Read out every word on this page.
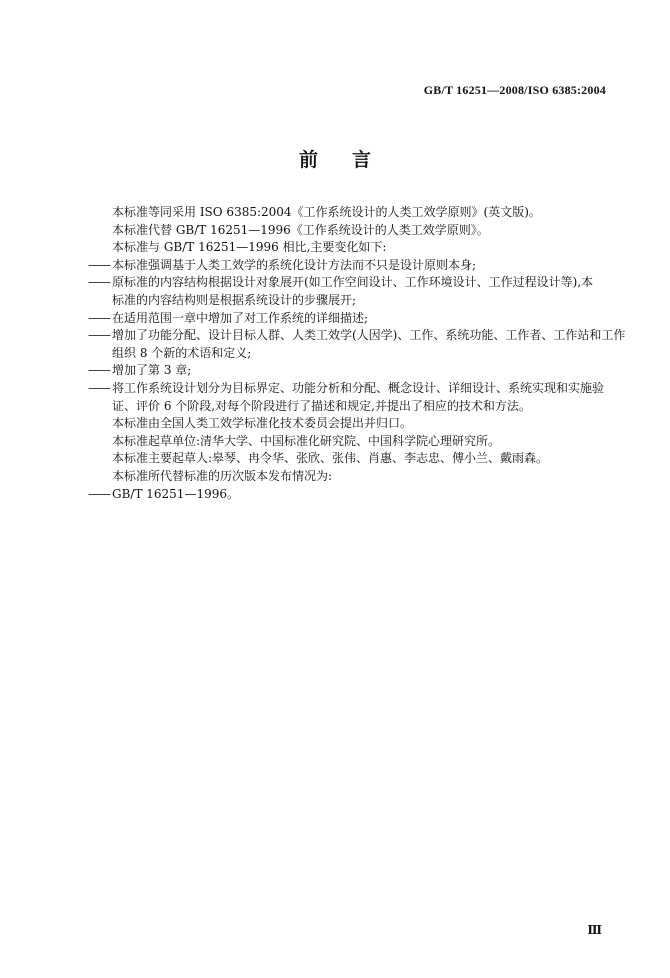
GB/T 16251—2008/ISO 6385:2004
前言
本标准等同采用 ISO 6385:2004《工作系统设计的人类工效学原则》(英文版)。
本标准代替 GB/T 16251—1996《工作系统设计的人类工效学原则》。
本标准与 GB/T 16251—1996 相比,主要变化如下:
—— 本标准强调基于人类工效学的系统化设计方法而不只是设计原则本身;
—— 原标准的内容结构根据设计对象展开(如工作空间设计、工作环境设计、工作过程设计等),本
标准的内容结构则是根据系统设计的步骤展开;
—— 在适用范围一章中增加了对工作系统的详细描述;
—— 增加了功能分配、设计目标人群、人类工效学(人因学)、工作、系统功能、工作者、工作站和工作
组织 8 个新的术语和定义;
—— 增加了第 3 章;
—— 将工作系统设计划分为目标界定、功能分析和分配、概念设计、详细设计、系统实现和实施验
证、评价 6 个阶段,对每个阶段进行了描述和规定,并提出了相应的技术和方法。
本标准由全国人类工效学标准化技术委员会提出并归口。
本标准起草单位:清华大学、中国标准化研究院、中国科学院心理研究所。
本标准主要起草人:皋琴、冉令华、张欣、张伟、肖惠、李志忠、傅小兰、戴雨森。
本标准所代替标准的历次版本发布情况为:
—— GB/T 16251—1996。
Ⅲ
